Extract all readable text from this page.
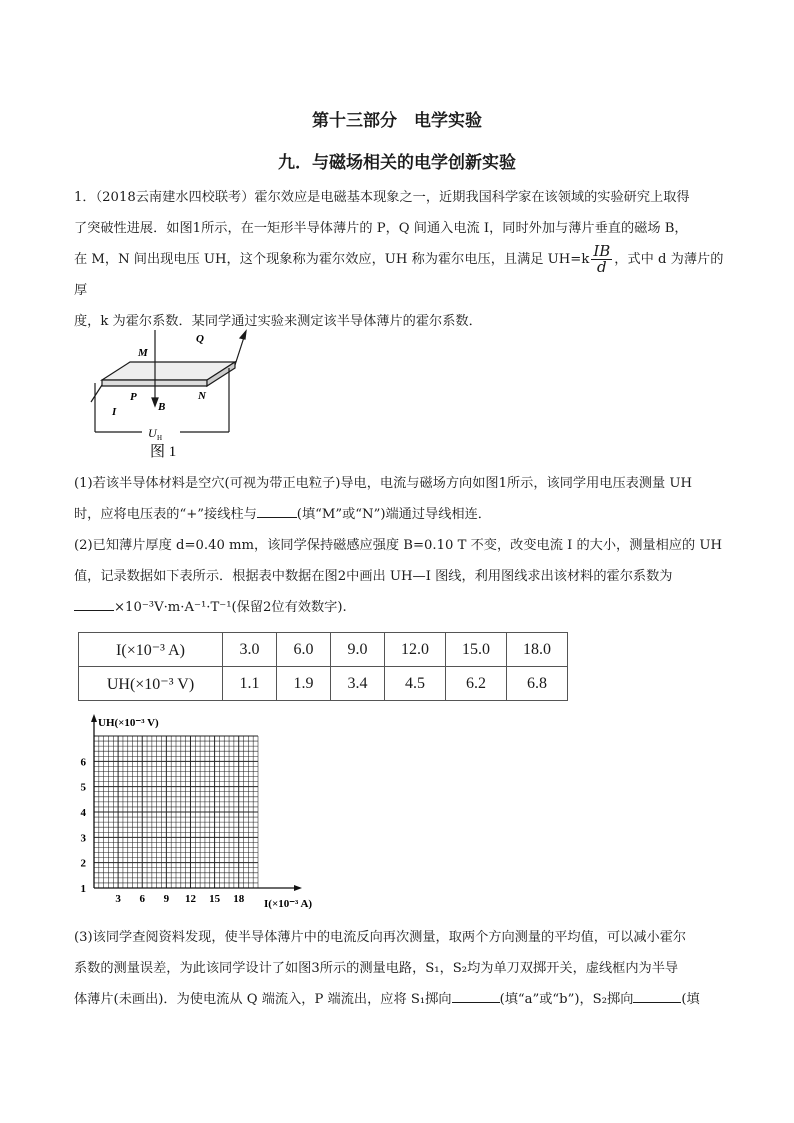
第十三部分　电学实验
九．与磁场相关的电学创新实验

1．（2018云南建水四校联考）霍尔效应是电磁基本现象之一，近期我国科学家在该领域的实验研究上取得

了突破性进展．如图1所示，在一矩形半导体薄片的 P，Q 间通入电流 I，同时外加与薄片垂直的磁场 B，

在 M，N 间出现电压 UH，这个现象称为霍尔效应，UH 称为霍尔电压，且满足 $UH=k \frac{IB}{d}$ ，式中 d 为薄片的厚

度，k 为霍尔系数．某同学通过实验来测定该半导体薄片的霍尔系数．

M
Q
N
P
I	B
U H
图 1

(1)若该半导体材料是空穴(可视为带正电粒子)导电，电流与磁场方向如图1所示，该同学用电压表测量 UH

时，应将电压表的“+”接线柱与	(填“M”或“N”)端通过导线相连．

(2)已知薄片厚度 d=0.40 mm，该同学保持磁感应强度 B=0.10 T 不变，改变电流 I 的大小，测量相应的 UH

值，记录数据如下表所示．根据表中数据在图2中画出 UH—I 图线，利用图线求出该材料的霍尔系数为

×10⁻³V·m·A⁻¹·T⁻¹(保留2位有效数字).

I(×10⁻³ A)	3.0	6.0	9.0	12.0	15.0	18.0
UH(×10⁻³ V)	1.1	1.9	3.4	4.5	6.2	6.8
3 6 9 12 15 18
1
2
3
4
5
6
UH(×10⁻³ V)
I(×10⁻³ A)

(3)该同学查阅资料发现，使半导体薄片中的电流反向再次测量，取两个方向测量的平均值，可以减小霍尔

系数的测量误差，为此该同学设计了如图3所示的测量电路，S₁，S₂均为单刀双掷开关，虚线框内为半导

体薄片(未画出)．为使电流从 Q 端流入，P 端流出，应将 S₁掷向	(填“a”或“b”)，S₂掷向	(填
